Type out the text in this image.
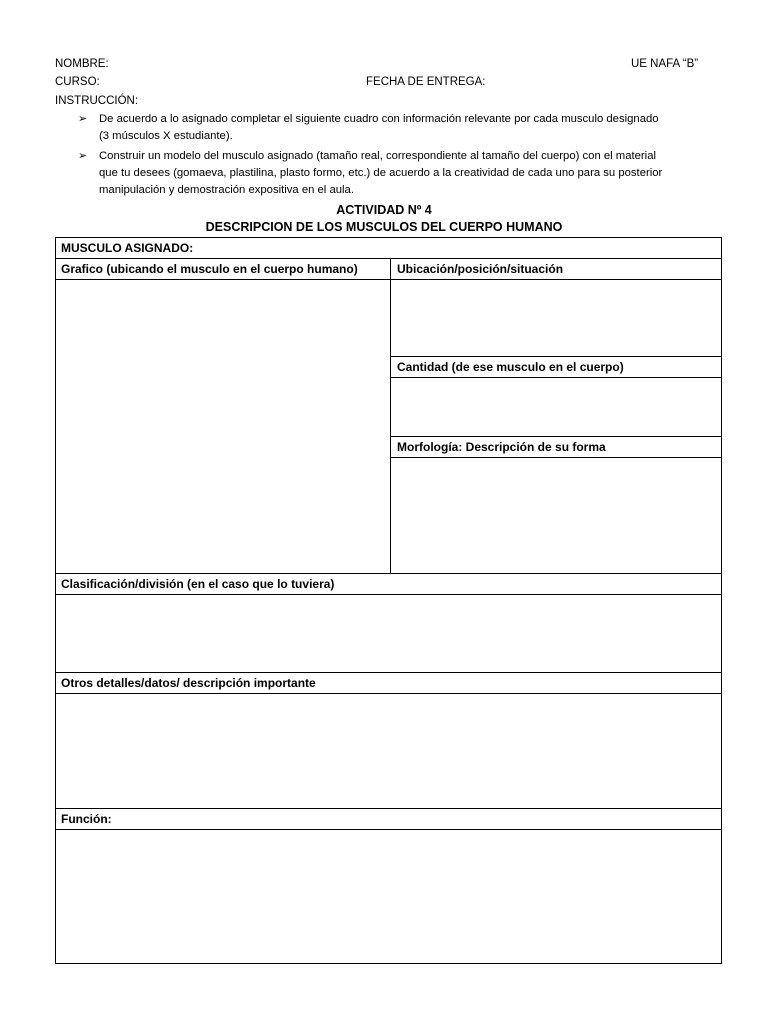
NOMBRE:	UE NAFA “B”
CURSO:	FECHA DE ENTREGA:
INSTRUCCIÓN:
➢ De acuerdo a lo asignado completar el siguiente cuadro con información relevante por cada musculo designado
(3 músculos X estudiante).
➢ Construir un modelo del musculo asignado (tamaño real, correspondiente al tamaño del cuerpo) con el material
que tu desees (gomaeva, plastilina, plasto formo, etc.) de acuerdo a la creatividad de cada uno para su posterior
manipulación y demostración expositiva en el aula.
ACTIVIDAD Nº 4
DESCRIPCION DE LOS MUSCULOS DEL CUERPO HUMANO
MUSCULO ASIGNADO:
Grafico (ubicando el musculo en el cuerpo humano)	Ubicación/posición/situación
Cantidad (de ese musculo en el cuerpo)
Morfología: Descripción de su forma
Clasificación/división (en el caso que lo tuviera)
Otros detalles/datos/ descripción importante
Función:
